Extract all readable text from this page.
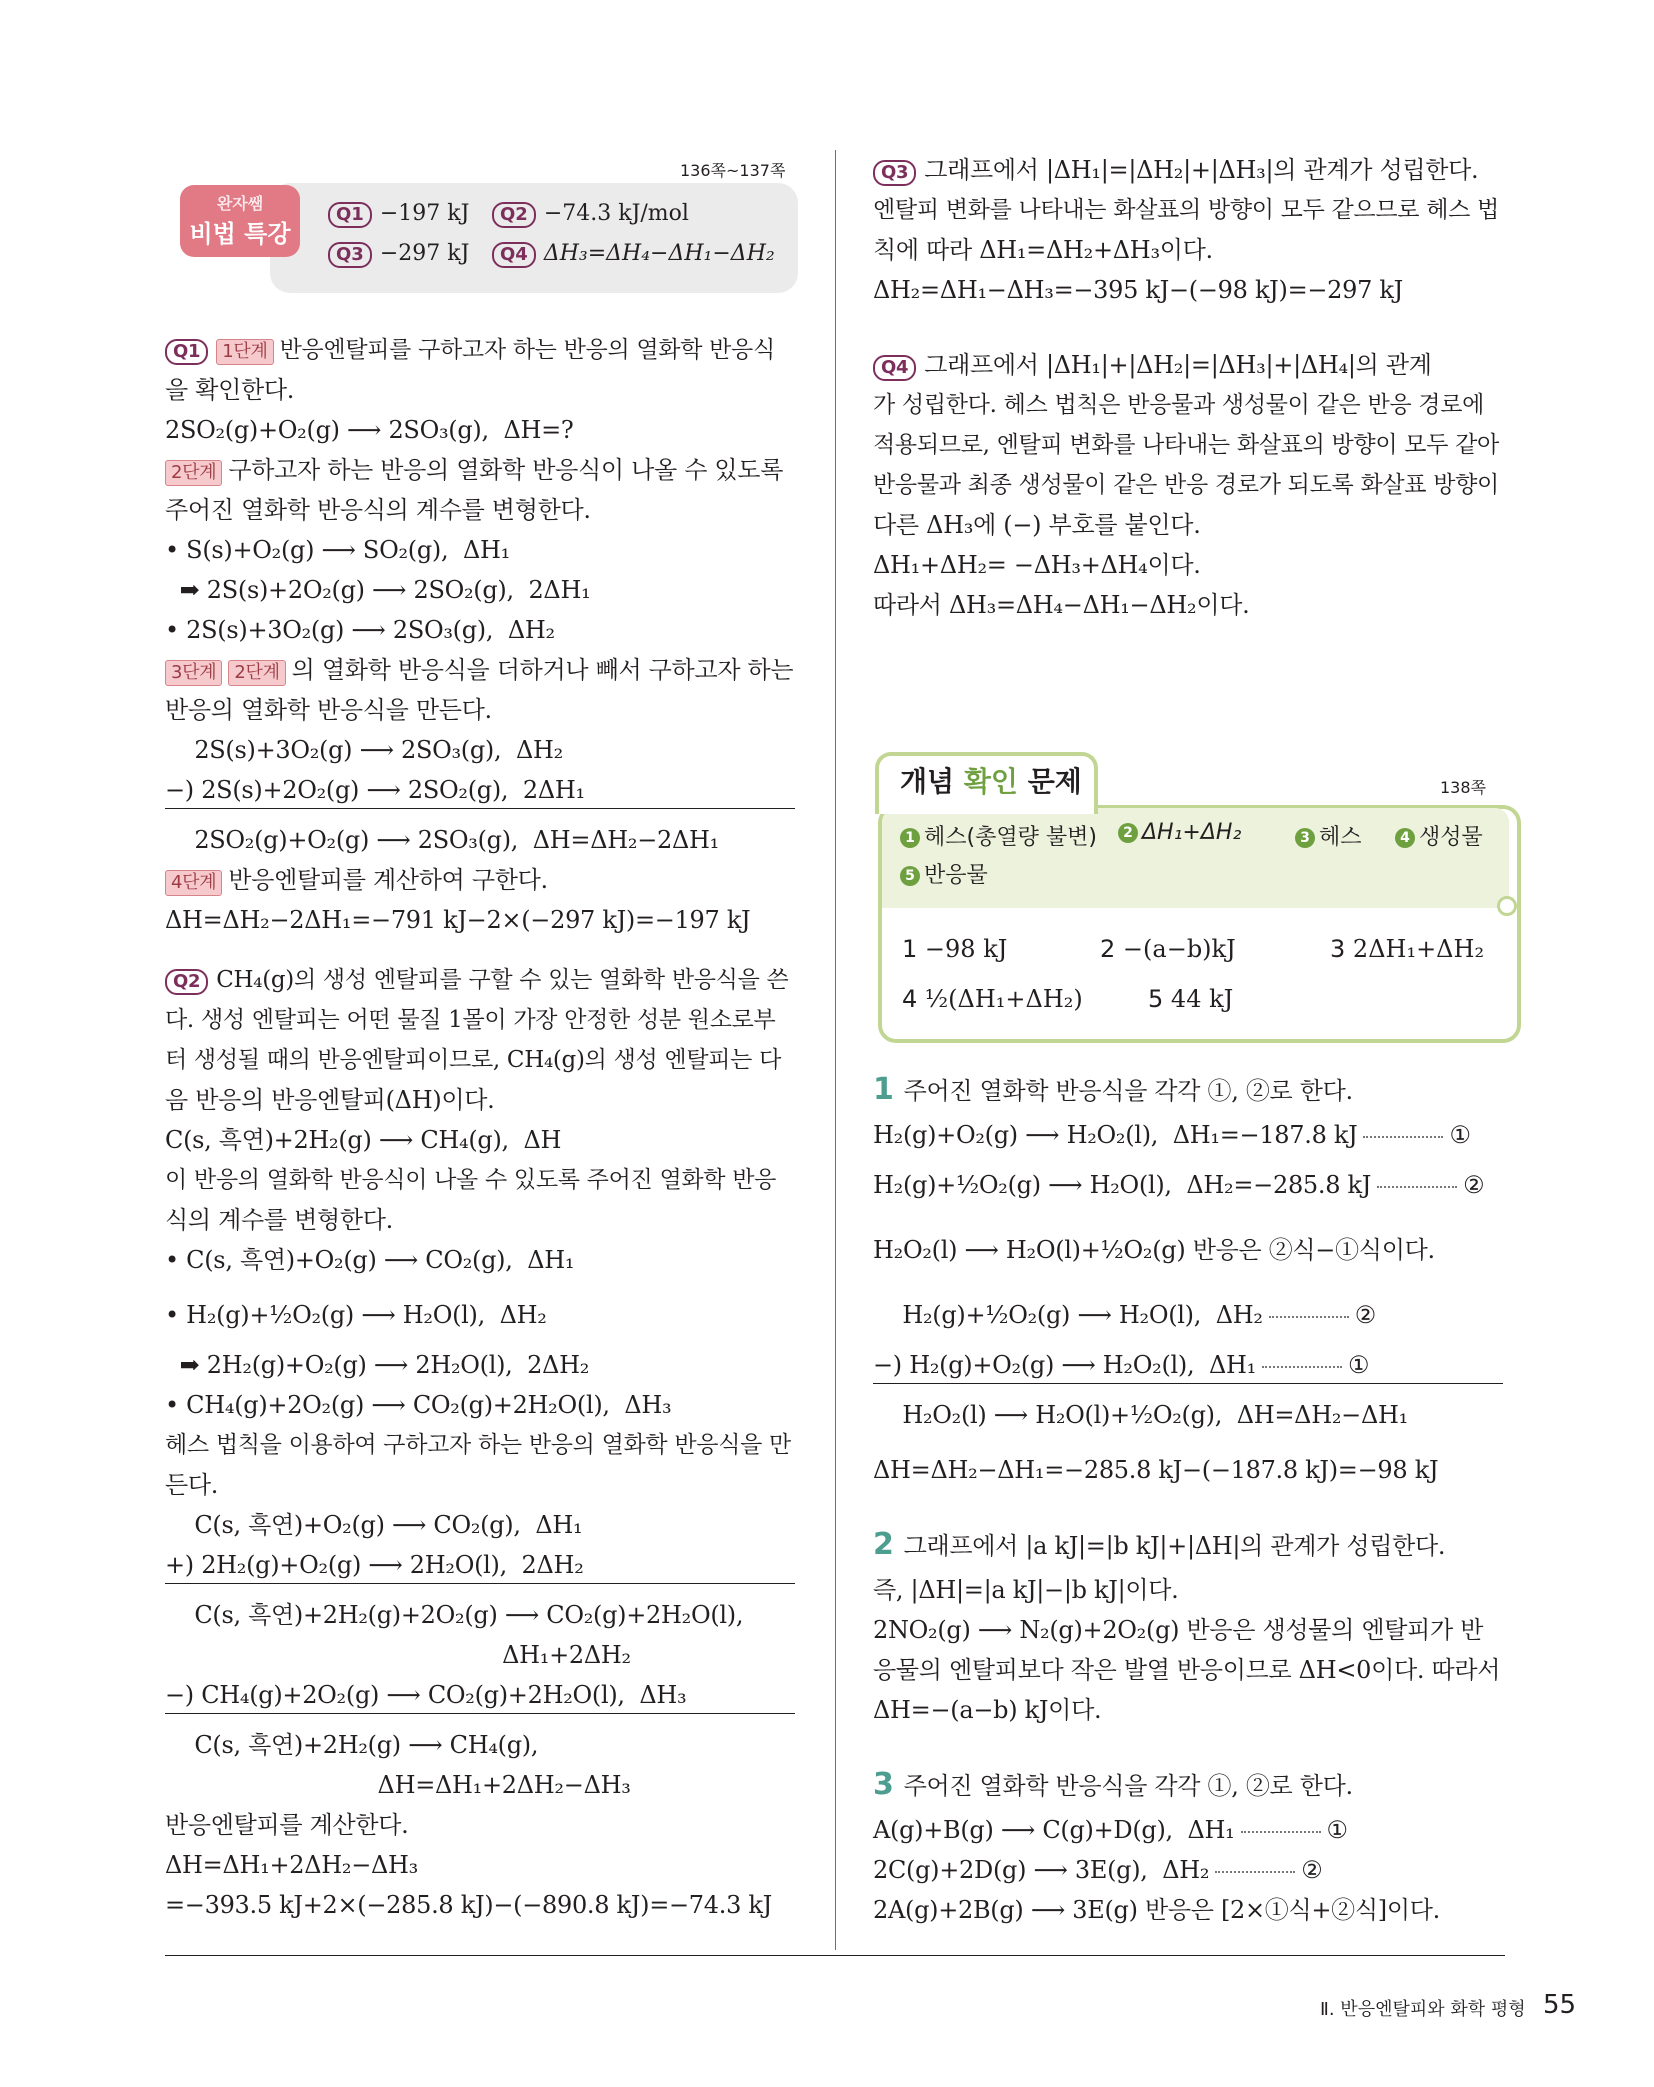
136쪽~137쪽
Q1 −197 kJ	Q2 −74.3 kJ/mol
Q3 −297 kJ	Q4 ΔH₃=ΔH₄−ΔH₁−ΔH₂
완자쌤
비법 특강
Q1 1단계 반응엔탈피를 구하고자 하는 반응의 열화학 반응식
을 확인한다.
2SO₂(g)+O₂(g) ⟶ 2SO₃(g),  ΔH=?
2단계 구하고자 하는 반응의 열화학 반응식이 나올 수 있도록
주어진 열화학 반응식의 계수를 변형한다.
• S(s)+O₂(g) ⟶ SO₂(g),  ΔH₁
➡ 2S(s)+2O₂(g) ⟶ 2SO₂(g),  2ΔH₁
• 2S(s)+3O₂(g) ⟶ 2SO₃(g),  ΔH₂
3단계 2단계 의 열화학 반응식을 더하거나 빼서 구하고자 하는
반응의 열화학 반응식을 만든다.
2S(s)+3O₂(g) ⟶ 2SO₃(g),  ΔH₂
−) 2S(s)+2O₂(g) ⟶ 2SO₂(g),  2ΔH₁
2SO₂(g)+O₂(g) ⟶ 2SO₃(g),  ΔH=ΔH₂−2ΔH₁
4단계 반응엔탈피를 계산하여 구한다.
ΔH=ΔH₂−2ΔH₁=−791 kJ−2×(−297 kJ)=−197 kJ
Q2 CH₄(g)의 생성 엔탈피를 구할 수 있는 열화학 반응식을 쓴
다. 생성 엔탈피는 어떤 물질 1몰이 가장 안정한 성분 원소로부
터 생성될 때의 반응엔탈피이므로, CH₄(g)의 생성 엔탈피는 다
음 반응의 반응엔탈피(ΔH)이다.
C(s, 흑연)+2H₂(g) ⟶ CH₄(g),  ΔH
이 반응의 열화학 반응식이 나올 수 있도록 주어진 열화학 반응
식의 계수를 변형한다.
• C(s, 흑연)+O₂(g) ⟶ CO₂(g),  ΔH₁
• H₂(g)+½O₂(g) ⟶ H₂O(l),  ΔH₂
➡ 2H₂(g)+O₂(g) ⟶ 2H₂O(l),  2ΔH₂
• CH₄(g)+2O₂(g) ⟶ CO₂(g)+2H₂O(l),  ΔH₃
헤스 법칙을 이용하여 구하고자 하는 반응의 열화학 반응식을 만
든다.
C(s, 흑연)+O₂(g) ⟶ CO₂(g),  ΔH₁
+) 2H₂(g)+O₂(g) ⟶ 2H₂O(l),  2ΔH₂
C(s, 흑연)+2H₂(g)+2O₂(g) ⟶ CO₂(g)+2H₂O(l),
ΔH₁+2ΔH₂
−) CH₄(g)+2O₂(g) ⟶ CO₂(g)+2H₂O(l),  ΔH₃
C(s, 흑연)+2H₂(g) ⟶ CH₄(g),
ΔH=ΔH₁+2ΔH₂−ΔH₃
반응엔탈피를 계산한다.
ΔH=ΔH₁+2ΔH₂−ΔH₃
=−393.5 kJ+2×(−285.8 kJ)−(−890.8 kJ)=−74.3 kJ
Q3 그래프에서 |ΔH₁|=|ΔH₂|+|ΔH₃|의 관계가 성립한다.
엔탈피 변화를 나타내는 화살표의 방향이 모두 같으므로 헤스 법
칙에 따라 ΔH₁=ΔH₂+ΔH₃이다.
ΔH₂=ΔH₁−ΔH₃=−395 kJ−(−98 kJ)=−297 kJ
Q4 그래프에서 |ΔH₁|+|ΔH₂|=|ΔH₃|+|ΔH₄|의 관계
가 성립한다. 헤스 법칙은 반응물과 생성물이 같은 반응 경로에
적용되므로, 엔탈피 변화를 나타내는 화살표의 방향이 모두 같아
반응물과 최종 생성물이 같은 반응 경로가 되도록 화살표 방향이
다른 ΔH₃에 (−) 부호를 붙인다.
ΔH₁+ΔH₂= −ΔH₃+ΔH₄이다.
따라서 ΔH₃=ΔH₄−ΔH₁−ΔH₂이다.
개념 확인 문제	138쪽
1 헤스(총열량 불변)	2 ΔH₁+ΔH₂	3 헤스	4 생성물
5 반응물
1 −98 kJ	2 −(a−b)kJ	3 2ΔH₁+ΔH₂
4 ½(ΔH₁+ΔH₂)	5 44 kJ
1 주어진 열화학 반응식을 각각 ①, ②로 한다.
H₂(g)+O₂(g) ⟶ H₂O₂(l),  ΔH₁=−187.8 kJ	①
H₂(g)+½O₂(g) ⟶ H₂O(l),  ΔH₂=−285.8 kJ	②
H₂O₂(l) ⟶ H₂O(l)+½O₂(g) 반응은 ②식−①식이다.
H₂(g)+½O₂(g) ⟶ H₂O(l),  ΔH₂	②
−) H₂(g)+O₂(g) ⟶ H₂O₂(l),  ΔH₁	①
H₂O₂(l) ⟶ H₂O(l)+½O₂(g),  ΔH=ΔH₂−ΔH₁
ΔH=ΔH₂−ΔH₁=−285.8 kJ−(−187.8 kJ)=−98 kJ
2 그래프에서 |a kJ|=|b kJ|+|ΔH|의 관계가 성립한다.
즉, |ΔH|=|a kJ|−|b kJ|이다.
2NO₂(g) ⟶ N₂(g)+2O₂(g) 반응은 생성물의 엔탈피가 반
응물의 엔탈피보다 작은 발열 반응이므로 ΔH<0이다. 따라서
ΔH=−(a−b) kJ이다.
3 주어진 열화학 반응식을 각각 ①, ②로 한다.
A(g)+B(g) ⟶ C(g)+D(g),  ΔH₁	①
2C(g)+2D(g) ⟶ 3E(g),  ΔH₂	②
2A(g)+2B(g) ⟶ 3E(g) 반응은 [2×①식+②식]이다.
Ⅱ. 반응엔탈피와 화학 평형 55
